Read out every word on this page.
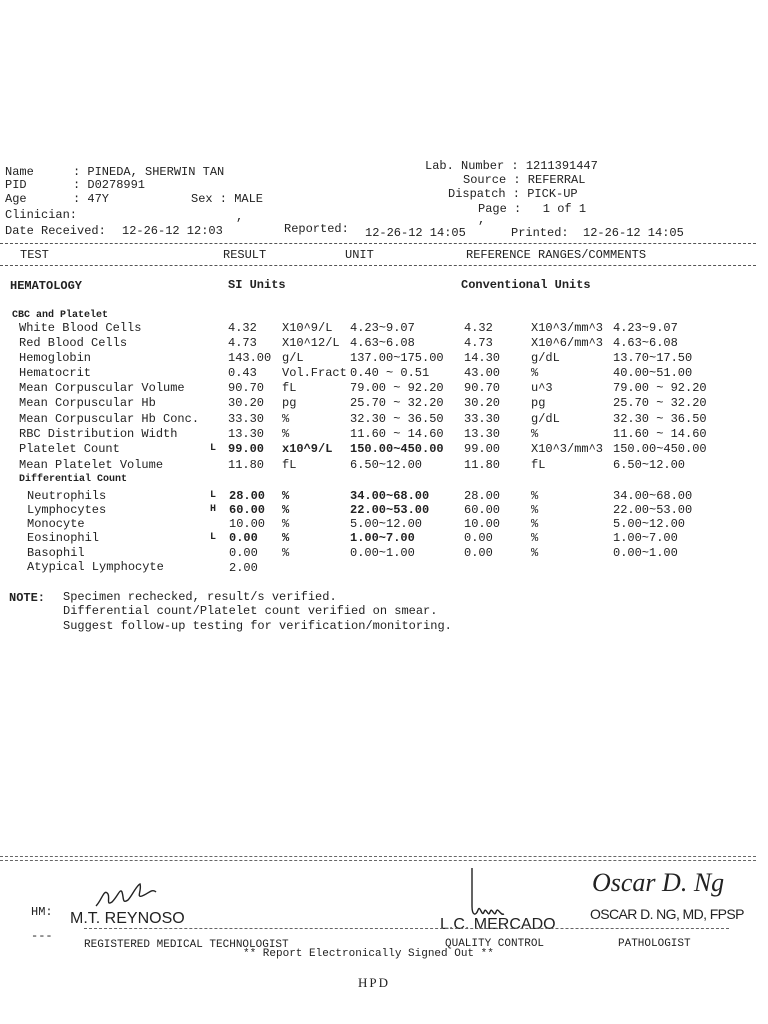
Name	: PINEDA, SHERWIN TAN
PID	: D0278991
Age	: 47Y	Sex : MALE
Clinician:	,
Lab. Number : 1211391447
Source : REFERRAL
Dispatch : PICK-UP
Page :   1 of 1
,
Date Received: 12-26-12 12:03	Reported: 12-26-12 14:05	Printed: 12-26-12 14:05
TEST	RESULT	UNIT	REFERENCE RANGES/COMMENTS
HEMATOLOGY	SI Units	Conventional Units
CBC and Platelet
White Blood Cells	4.32 X10^9/L 4.23~9.07	4.32	X10^3/mm^3 4.23~9.07
Red Blood Cells	4.73 X10^12/L 4.63~6.08	4.73	X10^6/mm^3 4.63~6.08
Hemoglobin	143.00 g/L	137.00~175.00 14.30	g/dL	13.70~17.50
Hematocrit	0.43 Vol.Fract 0.40 ~ 0.51	43.00	%	40.00~51.00
Mean Corpuscular Volume	90.70 fL	79.00 ~ 92.20 90.70	u^3	79.00 ~ 92.20
Mean Corpuscular Hb	30.20 pg	25.70 ~ 32.20 30.20	pg	25.70 ~ 32.20
Mean Corpuscular Hb Conc. 33.30 %	32.30 ~ 36.50 33.30	g/dL	32.30 ~ 36.50
RBC Distribution Width	13.30 %	11.60 ~ 14.60 13.30	%	11.60 ~ 14.60
Platelet Count	L 99.00 x10^9/L 150.00~450.00 99.00	X10^3/mm^3 150.00~450.00
Mean Platelet Volume	11.80 fL	6.50~12.00	11.80	fL	6.50~12.00
Differential Count
Neutrophils	L 28.00 %	34.00~68.00	28.00	%	34.00~68.00
Lymphocytes	H 60.00 %	22.00~53.00	60.00	%	22.00~53.00
Monocyte	10.00 %	5.00~12.00	10.00	%	5.00~12.00
Eosinophil	L 0.00 %	1.00~7.00	0.00	%	1.00~7.00
Basophil	0.00 %	0.00~1.00	0.00	%	0.00~1.00
Atypical Lymphocyte	2.00
NOTE: Specimen rechecked, result/s verified.
Differential count/Platelet count verified on smear.
Suggest follow-up testing for verification/monitoring.
HM: M.T. REYNOSO
---
REGISTERED MEDICAL TECHNOLOGIST
L.C. MERCADO
QUALITY CONTROL
Oscar D. Ng
OSCAR D. NG, MD, FPSP
PATHOLOGIST
** Report Electronically Signed Out **
HPD
